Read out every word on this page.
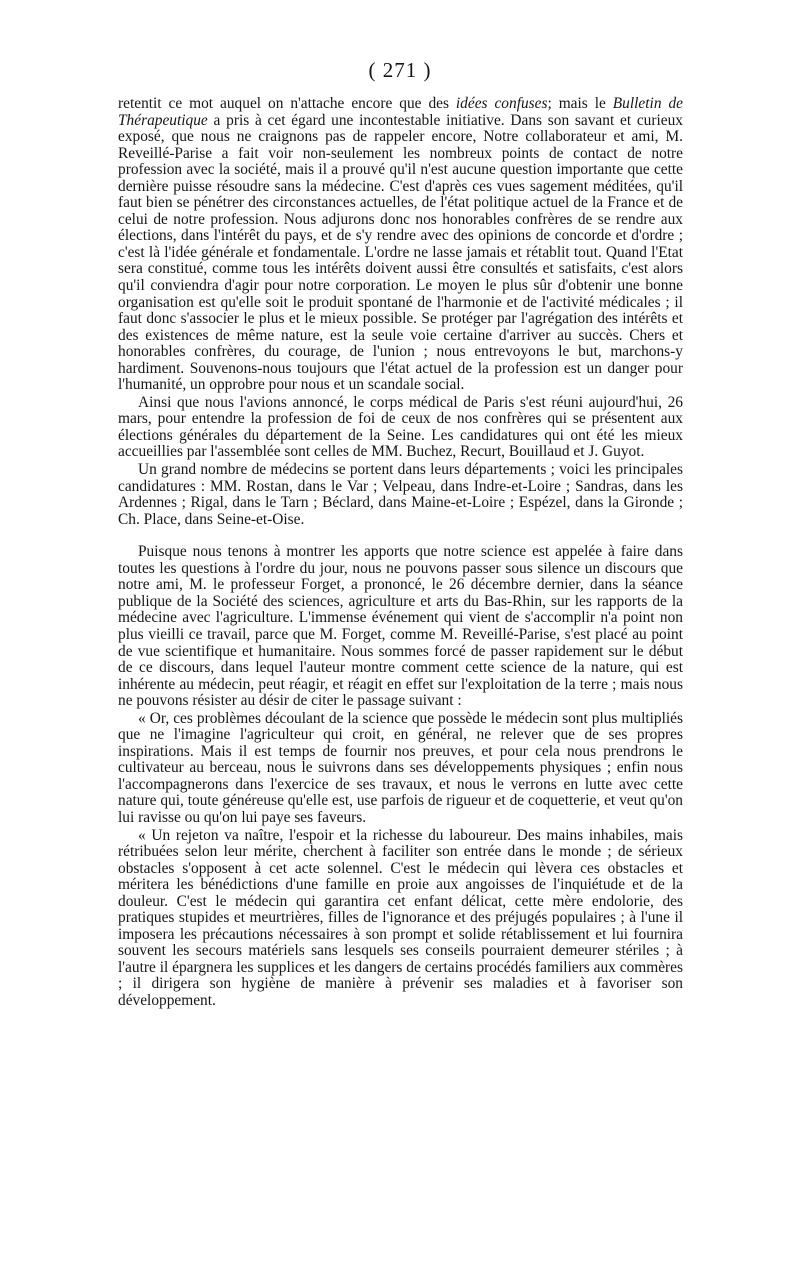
( 271 )

retentit ce mot auquel on n'attache encore que des idées confuses; mais le Bulletin de Thérapeutique a pris à cet égard une incontestable initiative. Dans son savant et curieux exposé, que nous ne craignons pas de rappeler encore, Notre collaborateur et ami, M. Reveillé-Parise a fait voir non-seulement les nombreux points de contact de notre profession avec la société, mais il a prouvé qu'il n'est aucune question importante que cette dernière puisse résoudre sans la médecine. C'est d'après ces vues sagement méditées, qu'il faut bien se pénétrer des circonstances actuelles, de l'état politique actuel de la France et de celui de notre profession. Nous adjurons donc nos honorables confrères de se rendre aux élections, dans l'intérêt du pays, et de s'y rendre avec des opinions de concorde et d'ordre ; c'est là l'idée générale et fondamentale. L'ordre ne lasse jamais et rétablit tout. Quand l'Etat sera constitué, comme tous les intérêts doivent aussi être consultés et satisfaits, c'est alors qu'il conviendra d'agir pour notre corporation. Le moyen le plus sûr d'obtenir une bonne organisation est qu'elle soit le produit spontané de l'harmonie et de l'activité médicales ; il faut donc s'associer le plus et le mieux possible. Se protéger par l'agrégation des intérêts et des existences de même nature, est la seule voie certaine d'arriver au succès. Chers et honorables confrères, du courage, de l'union ; nous entrevoyons le but, marchons-y hardiment. Souvenons-nous toujours que l'état actuel de la profession est un danger pour l'humanité, un opprobre pour nous et un scandale social.

Ainsi que nous l'avions annoncé, le corps médical de Paris s'est réuni aujourd'hui, 26 mars, pour entendre la profession de foi de ceux de nos confrères qui se présentent aux élections générales du département de la Seine. Les candidatures qui ont été les mieux accueillies par l'assemblée sont celles de MM. Buchez, Recurt, Bouillaud et J. Guyot.

Un grand nombre de médecins se portent dans leurs départements ; voici les principales candidatures : MM. Rostan, dans le Var ; Velpeau, dans Indre-et-Loire ; Sandras, dans les Ardennes ; Rigal, dans le Tarn ; Béclard, dans Maine-et-Loire ; Espézel, dans la Gironde ; Ch. Place, dans Seine-et-Oise.

Puisque nous tenons à montrer les apports que notre science est appelée à faire dans toutes les questions à l'ordre du jour, nous ne pouvons passer sous silence un discours que notre ami, M. le professeur Forget, a prononcé, le 26 décembre dernier, dans la séance publique de la Société des sciences, agriculture et arts du Bas-Rhin, sur les rapports de la médecine avec l'agriculture. L'immense événement qui vient de s'accomplir n'a point non plus vieilli ce travail, parce que M. Forget, comme M. Reveillé-Parise, s'est placé au point de vue scientifique et humanitaire. Nous sommes forcé de passer rapidement sur le début de ce discours, dans lequel l'auteur montre comment cette science de la nature, qui est inhérente au médecin, peut réagir, et réagit en effet sur l'exploitation de la terre ; mais nous ne pouvons résister au désir de citer le passage suivant :

« Or, ces problèmes découlant de la science que possède le médecin sont plus multipliés que ne l'imagine l'agriculteur qui croit, en général, ne relever que de ses propres inspirations. Mais il est temps de fournir nos preuves, et pour cela nous prendrons le cultivateur au berceau, nous le suivrons dans ses développements physiques ; enfin nous l'accompagnerons dans l'exercice de ses travaux, et nous le verrons en lutte avec cette nature qui, toute généreuse qu'elle est, use parfois de rigueur et de coquetterie, et veut qu'on lui ravisse ou qu'on lui paye ses faveurs.

« Un rejeton va naître, l'espoir et la richesse du laboureur. Des mains inhabiles, mais rétribuées selon leur mérite, cherchent à faciliter son entrée dans le monde ; de sérieux obstacles s'opposent à cet acte solennel. C'est le médecin qui lèvera ces obstacles et méritera les bénédictions d'une famille en proie aux angoisses de l'inquiétude et de la douleur. C'est le médecin qui garantira cet enfant délicat, cette mère endolorie, des pratiques stupides et meurtrières, filles de l'ignorance et des préjugés populaires ; à l'une il imposera les précautions nécessaires à son prompt et solide rétablissement et lui fournira souvent les secours matériels sans lesquels ses conseils pourraient demeurer stériles ; à l'autre il épargnera les supplices et les dangers de certains procédés familiers aux commères ; il dirigera son hygiène de manière à prévenir ses maladies et à favoriser son développement.
